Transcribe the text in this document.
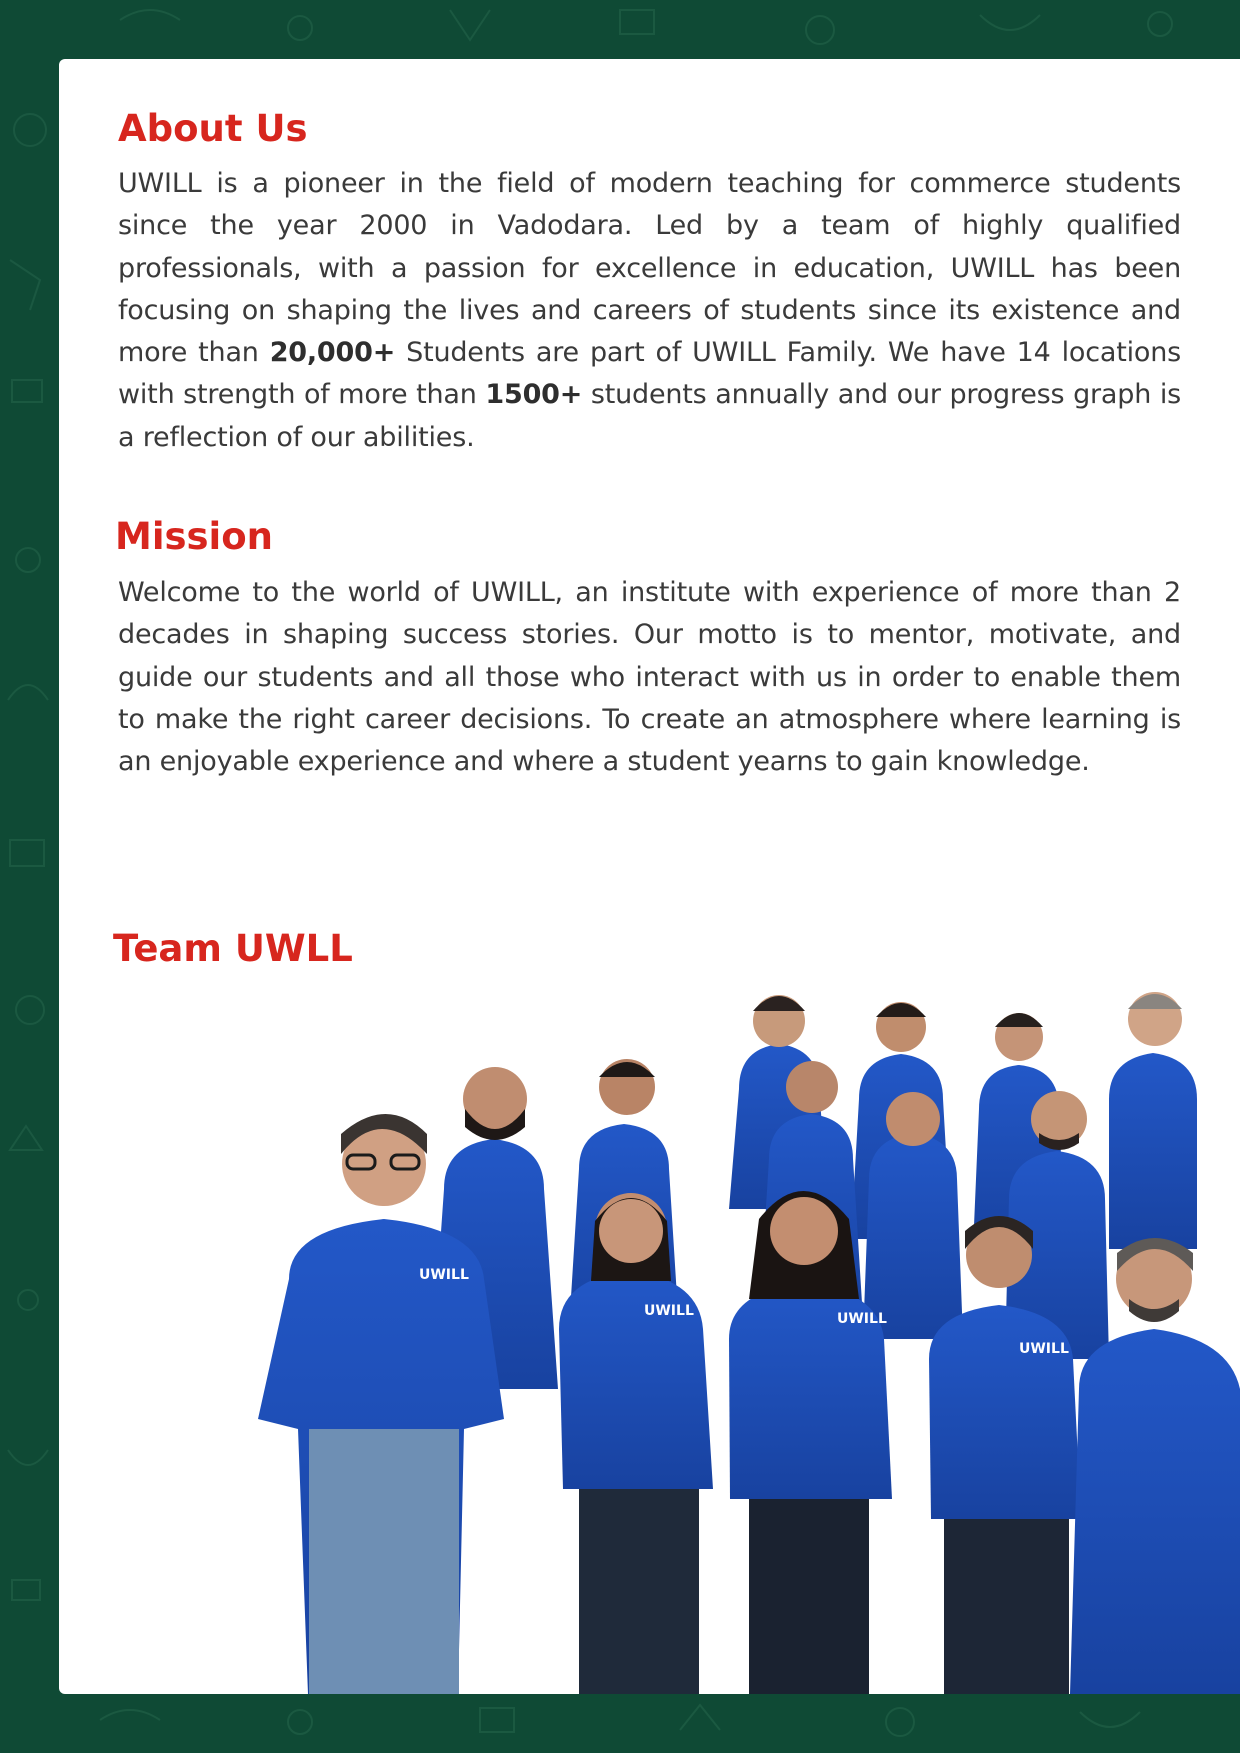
About Us

UWILL is a pioneer in the field of modern teaching for commerce students since the year 2000 in Vadodara. Led by a team of highly qualified professionals, with a passion for excellence in education, UWILL has been focusing on shaping the lives and careers of students since its existence and more than 20,000+ Students are part of UWILL Family. We have 14 locations with strength of more than 1500+ students annually and our progress graph is a reflection of our abilities.

Mission

Welcome to the world of UWILL, an institute with experience of more than 2 decades in shaping success stories. Our motto is to mentor, motivate, and guide our students and all those who interact with us in order to enable them to make the right career decisions. To create an atmosphere where learning is an enjoyable experience and where a student yearns to gain knowledge.

Team UWLL
UWILL
UWILL	UWILL
UWILL
